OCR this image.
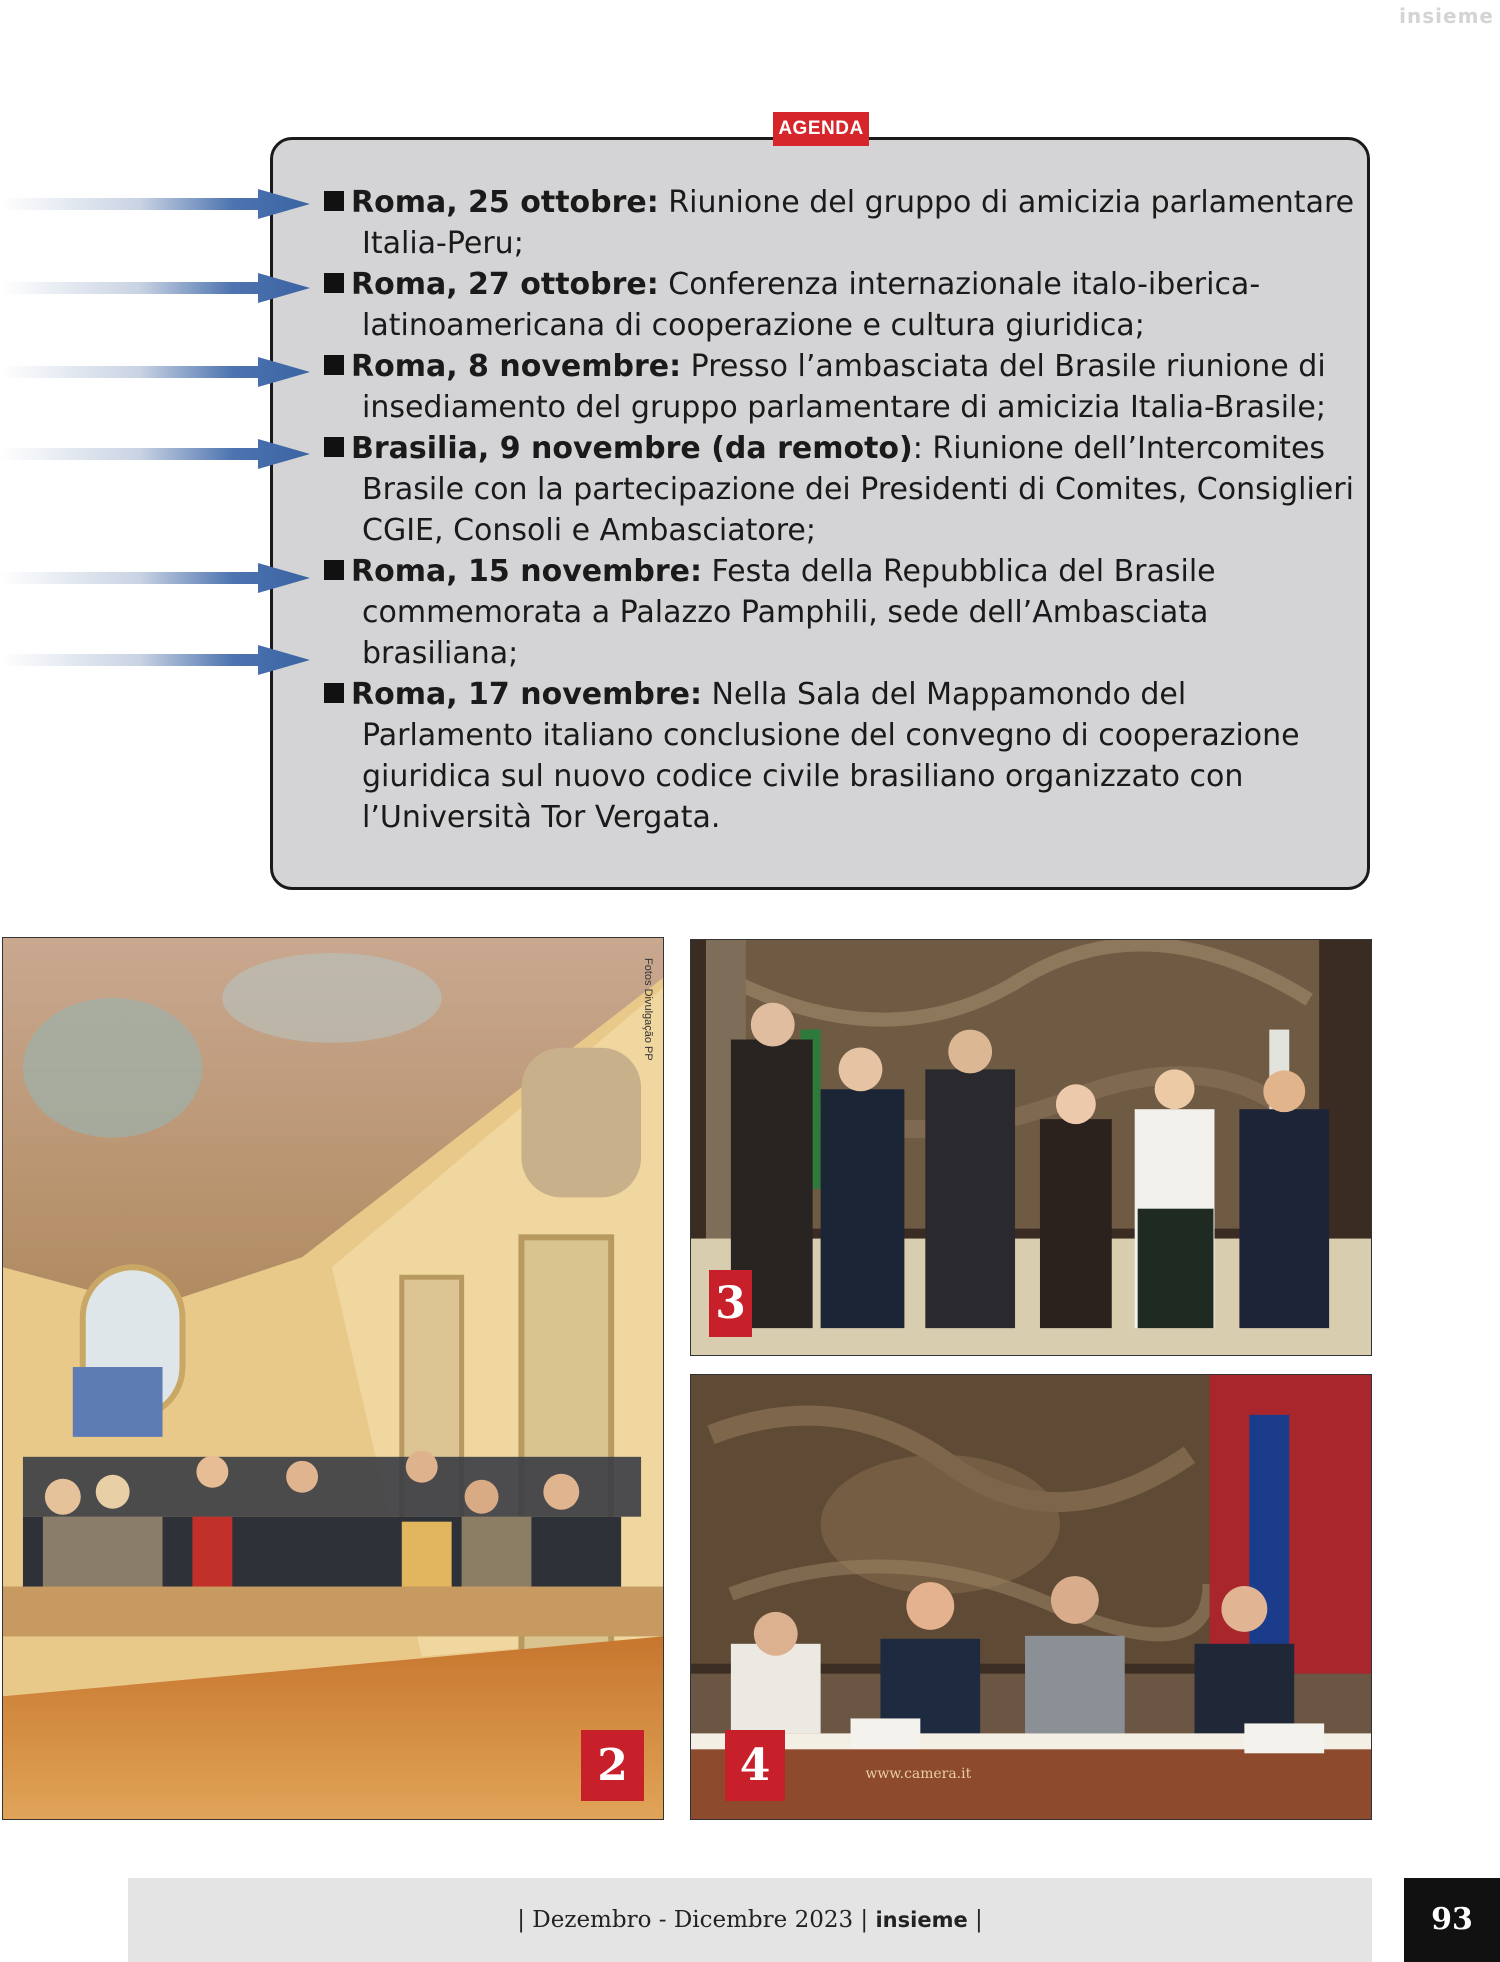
insieme
AGENDA
Roma, 25 ottobre: Riunione del gruppo di amicizia parlamentare Italia-Peru;
Roma, 27 ottobre: Conferenza internazionale italo-iberica-latinoamericana di cooperazione e cultura giuridica;
Roma, 8 novembre: Presso l’ambasciata del Brasile riunione di insediamento del gruppo parlamentare di amicizia Italia-Brasile;
Brasilia, 9 novembre (da remoto): Riunione dell’Intercomites Brasile con la partecipazione dei Presidenti di Comites, Consiglieri CGIE, Consoli e Ambasciatore;
Roma, 15 novembre: Festa della Repubblica del Brasile commemorata a Palazzo Pamphili, sede dell’Ambasciata brasiliana;
Roma, 17 novembre: Nella Sala del Mappamondo del Parlamento italiano conclusione del convegno di cooperazione giuridica sul nuovo codice civile brasiliano organizzato con l’Università Tor Vergata.
2
Fotos Divulgação PP
3
www.camera.it
4
| Dezembro - Dicembre 2023 | insieme |	93
